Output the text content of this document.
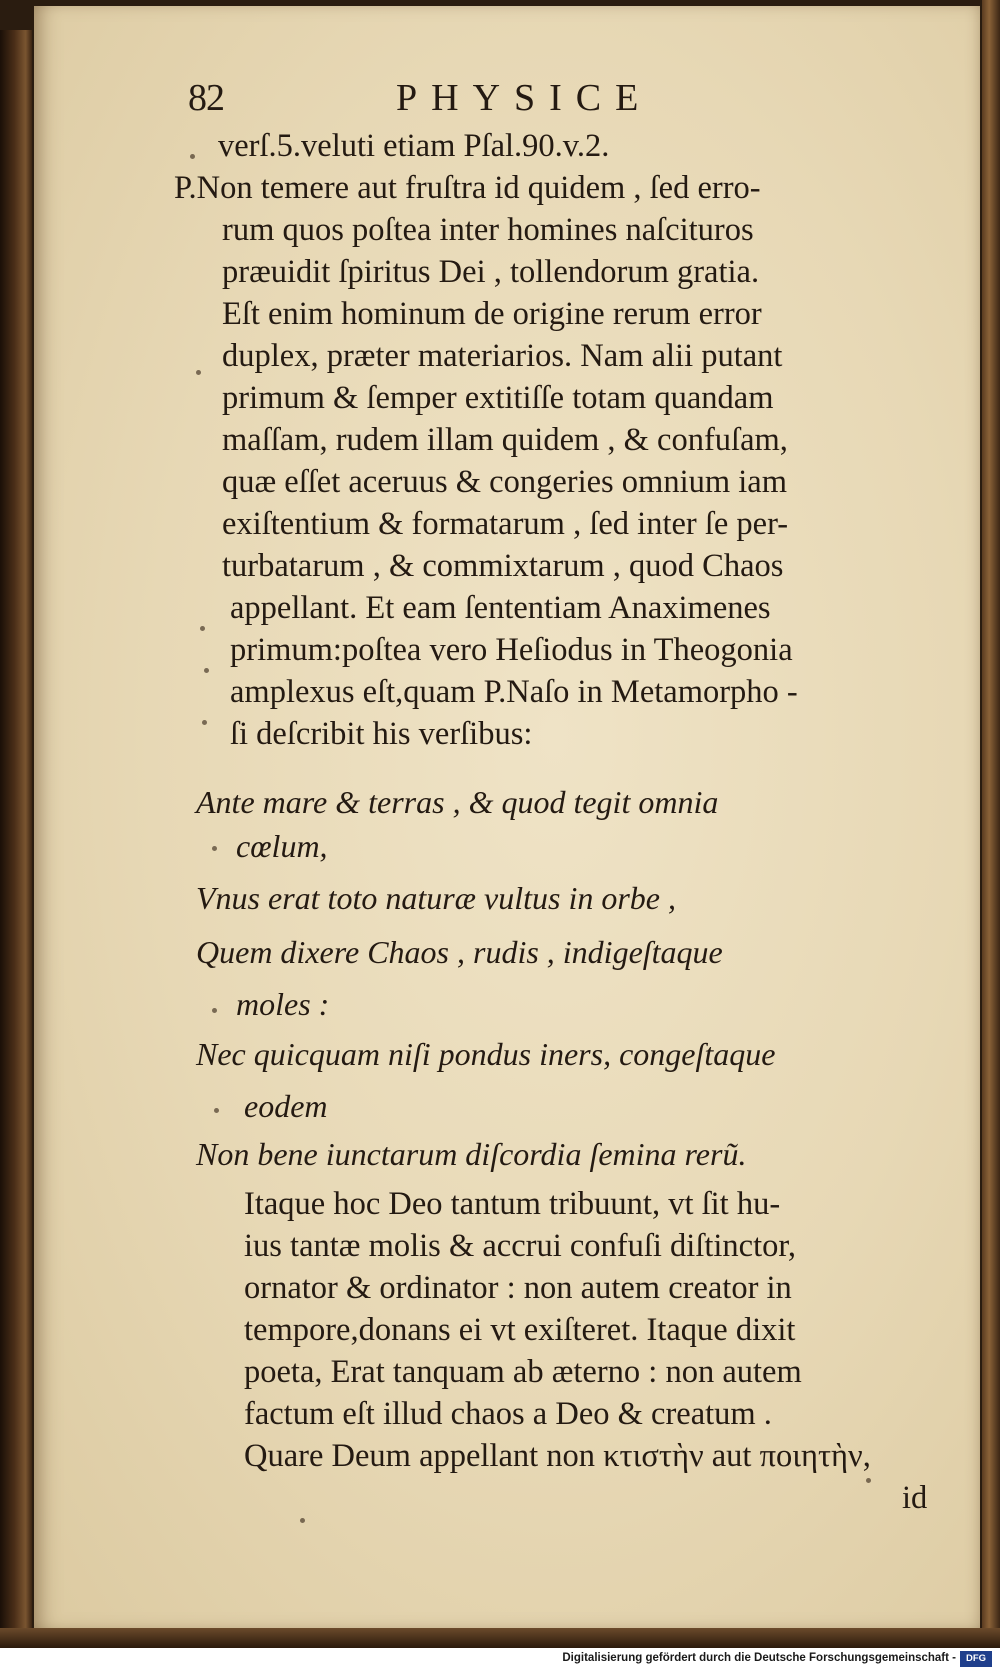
82	PHYSICE
verſ.5.veluti etiam Pſal.90.v.2.
P.Non temere aut fruſtra id quidem , ſed erro-
rum quos poſtea inter homines naſcituros
præuidit ſpiritus Dei , tollendorum gratia.
Eſt enim hominum de origine rerum error
duplex, præter materiarios. Nam alii putant
primum & ſemper extitiſſe totam quandam
maſſam, rudem illam quidem , & confuſam,
quæ eſſet aceruus & congeries omnium iam
exiſtentium & formatarum , ſed inter ſe per-
turbatarum , & commixtarum , quod Chaos
appellant. Et eam ſententiam Anaximenes
primum:poſtea vero Heſiodus in Theogonia
amplexus eſt,quam P.Naſo in Metamorpho -
ſi deſcribit his verſibus:
Ante mare & terras , & quod tegit omnia
cœlum,
Vnus erat toto naturæ vultus in orbe ,
Quem dixere Chaos , rudis , indigeſtaque
moles :
Nec quicquam niſi pondus iners, congeſtaque
eodem
Non bene iunctarum diſcordia ſemina rerũ.
Itaque hoc Deo tantum tribuunt, vt ſit hu-
ius tantæ molis & accrui confuſi diſtinctor,
ornator & ordinator : non autem creator in
tempore,donans ei vt exiſteret. Itaque dixit
poeta, Erat tanquam ab æterno : non autem
factum eſt illud chaos a Deo & creatum .
Quare Deum appellant non κτιστὴν aut ποιητὴν,
id
Digitalisierung gefördert durch die Deutsche Forschungsgemeinschaft -	DFG
